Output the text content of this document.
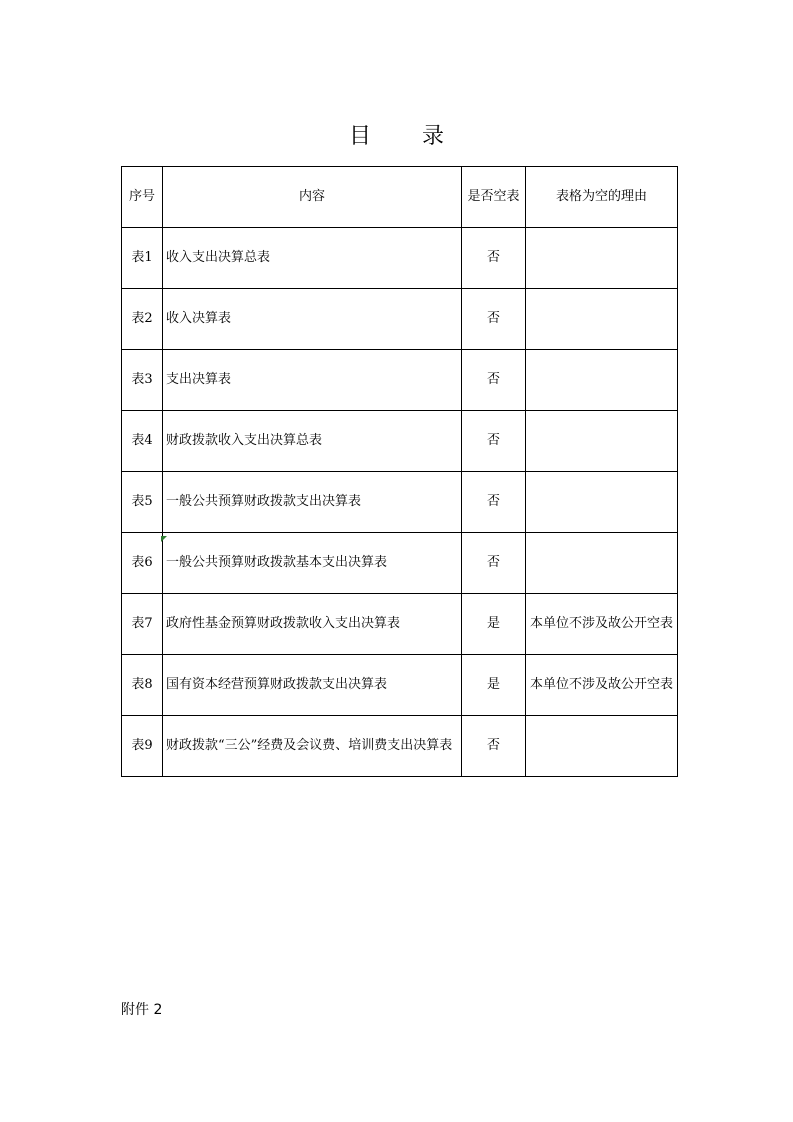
目 录
序号	内容	是否空表	表格为空的理由
表1	收入支出决算总表	否	
表2	收入决算表	否	
表3	支出决算表	否	
表4	财政拨款收入支出决算总表	否	
表5	一般公共预算财政拨款支出决算表	否	
表6	一般公共预算财政拨款基本支出决算表	否	
表7	政府性基金预算财政拨款收入支出决算表	是	本单位不涉及故公开空表
表8	国有资本经营预算财政拨款支出决算表	是	本单位不涉及故公开空表
表9	财政拨款“三公”经费及会议费、培训费支出决算表	否	
附件 2
